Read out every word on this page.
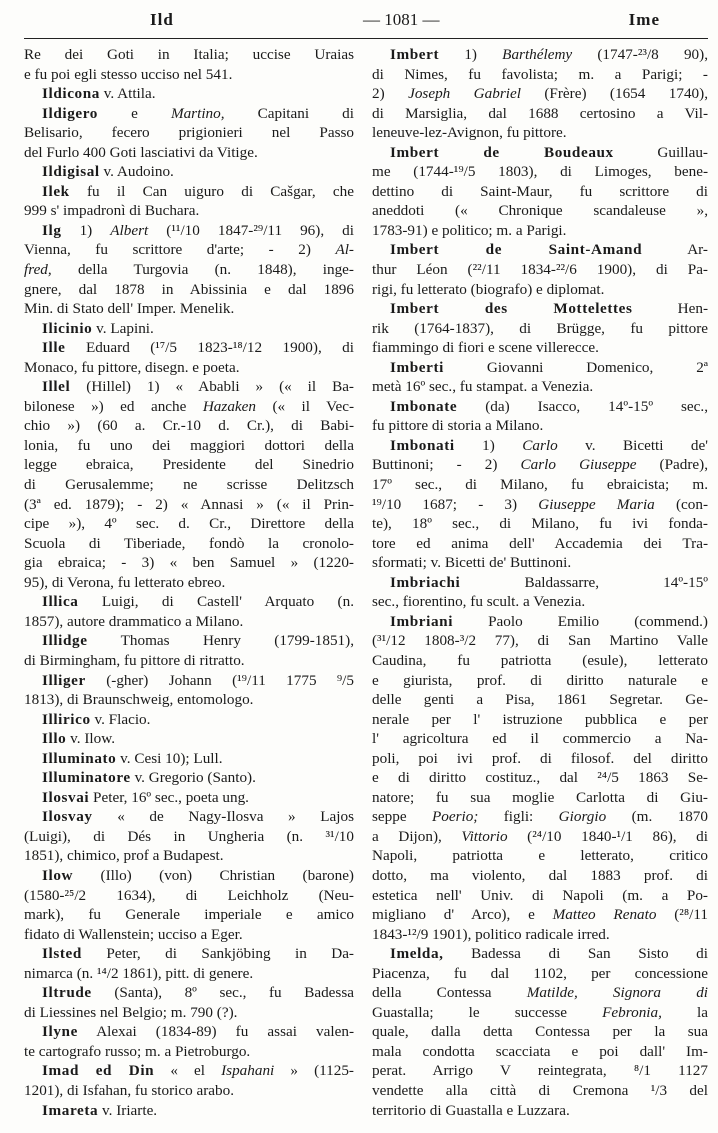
Ild	— 1081 —	Ime
Re dei Goti in Italia; uccise Uraias
e fu poi egli stesso ucciso nel 541.
Ildicona v. Attila.
Ildigero e Martino, Capitani di
Belisario, fecero prigionieri nel Passo
del Furlo 400 Goti lasciativi da Vitige.
Ildigisal v. Audoino.
Ilek fu il Can uiguro di Cašgar, che
999 s' impadronì di Buchara.
Ilg 1) Albert (¹¹/10 1847-²⁹/11 96), di
Vienna, fu scrittore d'arte; - 2) Al-
fred, della Turgovia (n. 1848), inge-
gnere, dal 1878 in Abissinia e dal 1896
Min. di Stato dell' Imper. Menelik.
Ilicinio v. Lapini.
Ille Eduard (¹⁷/5 1823-¹⁸/12 1900), di
Monaco, fu pittore, disegn. e poeta.
Illel (Hillel) 1) « Ababli » (« il Ba-
bilonese ») ed anche Hazaken (« il Vec-
chio ») (60 a. Cr.-10 d. Cr.), di Babi-
lonia, fu uno dei maggiori dottori della
legge ebraica, Presidente del Sinedrio
di Gerusalemme; ne scrisse Delitzsch
(3ª ed. 1879); - 2) « Annasi » (« il Prin-
cipe »), 4º sec. d. Cr., Direttore della
Scuola di Tiberiade, fondò la cronolo-
gia ebraica; - 3) « ben Samuel » (1220-
95), di Verona, fu letterato ebreo.
Illica Luigi, di Castell' Arquato (n.
1857), autore drammatico a Milano.
Illidge Thomas Henry (1799-1851),
di Birmingham, fu pittore di ritratto.
Illiger (-gher) Johann (¹⁹/11 1775 ⁹/5
1813), di Braunschweig, entomologo.
Illirico v. Flacio.
Illo v. Ilow.
Illuminato v. Cesi 10); Lull.
Illuminatore v. Gregorio (Santo).
Ilosvai Peter, 16º sec., poeta ung.
Ilosvay « de Nagy-Ilosva » Lajos
(Luigi), di Dés in Ungheria (n. ³¹/10
1851), chimico, prof a Budapest.
Ilow (Illo) (von) Christian (barone)
(1580-²⁵/2 1634), di Leichholz (Neu-
mark), fu Generale imperiale e amico
fidato di Wallenstein; ucciso a Eger.
Ilsted Peter, di Sankjöbing in Da-
nimarca (n. ¹⁴/2 1861), pitt. di genere.
Iltrude (Santa), 8º sec., fu Badessa
di Liessines nel Belgio; m. 790 (?).
Ilyne Alexai (1834-89) fu assai valen-
te cartografo russo; m. a Pietroburgo.
Imad ed Din « el Ispahani » (1125-
1201), di Isfahan, fu storico arabo.
Imareta v. Iriarte.
Imbert 1) Barthélemy (1747-²³/8 90),
di Nimes, fu favolista; m. a Parigi; -
2) Joseph Gabriel (Frère) (1654 1740),
di Marsiglia, dal 1688 certosino a Vil-
leneuve-lez-Avignon, fu pittore.
Imbert de Boudeaux Guillau-
me (1744-¹⁹/5 1803), di Limoges, bene-
dettino di Saint-Maur, fu scrittore di
aneddoti (« Chronique scandaleuse »,
1783-91) e politico; m. a Parigi.
Imbert de Saint-Amand Ar-
thur Léon (²²/11 1834-²²/6 1900), di Pa-
rigi, fu letterato (biografo) e diplomat.
Imbert des Mottelettes Hen-
rik (1764-1837), di Brügge, fu pittore
fiammingo di fiori e scene villerecce.
Imberti Giovanni Domenico, 2ª
metà 16º sec., fu stampat. a Venezia.
Imbonate (da) Isacco, 14º-15º sec.,
fu pittore di storia a Milano.
Imbonati 1) Carlo v. Bicetti de'
Buttinoni; - 2) Carlo Giuseppe (Padre),
17º sec., di Milano, fu ebraicista; m.
¹⁹/10 1687; - 3) Giuseppe Maria (con-
te), 18º sec., di Milano, fu ivi fonda-
tore ed anima dell' Accademia dei Tra-
sformati; v. Bicetti de' Buttinoni.
Imbriachi Baldassarre, 14º-15º
sec., fiorentino, fu scult. a Venezia.
Imbriani Paolo Emilio (commend.)
(³¹/12 1808-³/2 77), di San Martino Valle
Caudina, fu patriotta (esule), letterato
e giurista, prof. di diritto naturale e
delle genti a Pisa, 1861 Segretar. Ge-
nerale per l' istruzione pubblica e per
l' agricoltura ed il commercio a Na-
poli, poi ivi prof. di filosof. del diritto
e di diritto costituz., dal ²⁴/5 1863 Se-
natore; fu sua moglie Carlotta di Giu-
seppe Poerio; figli: Giorgio (m. 1870
a Dijon), Vittorio (²⁴/10 1840-¹/1 86), di
Napoli, patriotta e letterato, critico
dotto, ma violento, dal 1883 prof. di
estetica nell' Univ. di Napoli (m. a Po-
migliano d' Arco), e Matteo Renato (²⁸/11
1843-¹²/9 1901), politico radicale irred.
Imelda, Badessa di San Sisto di
Piacenza, fu dal 1102, per concessione
della Contessa Matilde, Signora di
Guastalla; le successe Febronia, la
quale, dalla detta Contessa per la sua
mala condotta scacciata e poi dall' Im-
perat. Arrigo V reintegrata, ⁸/1 1127
vendette alla città di Cremona ¹/3 del
territorio di Guastalla e Luzzara.
